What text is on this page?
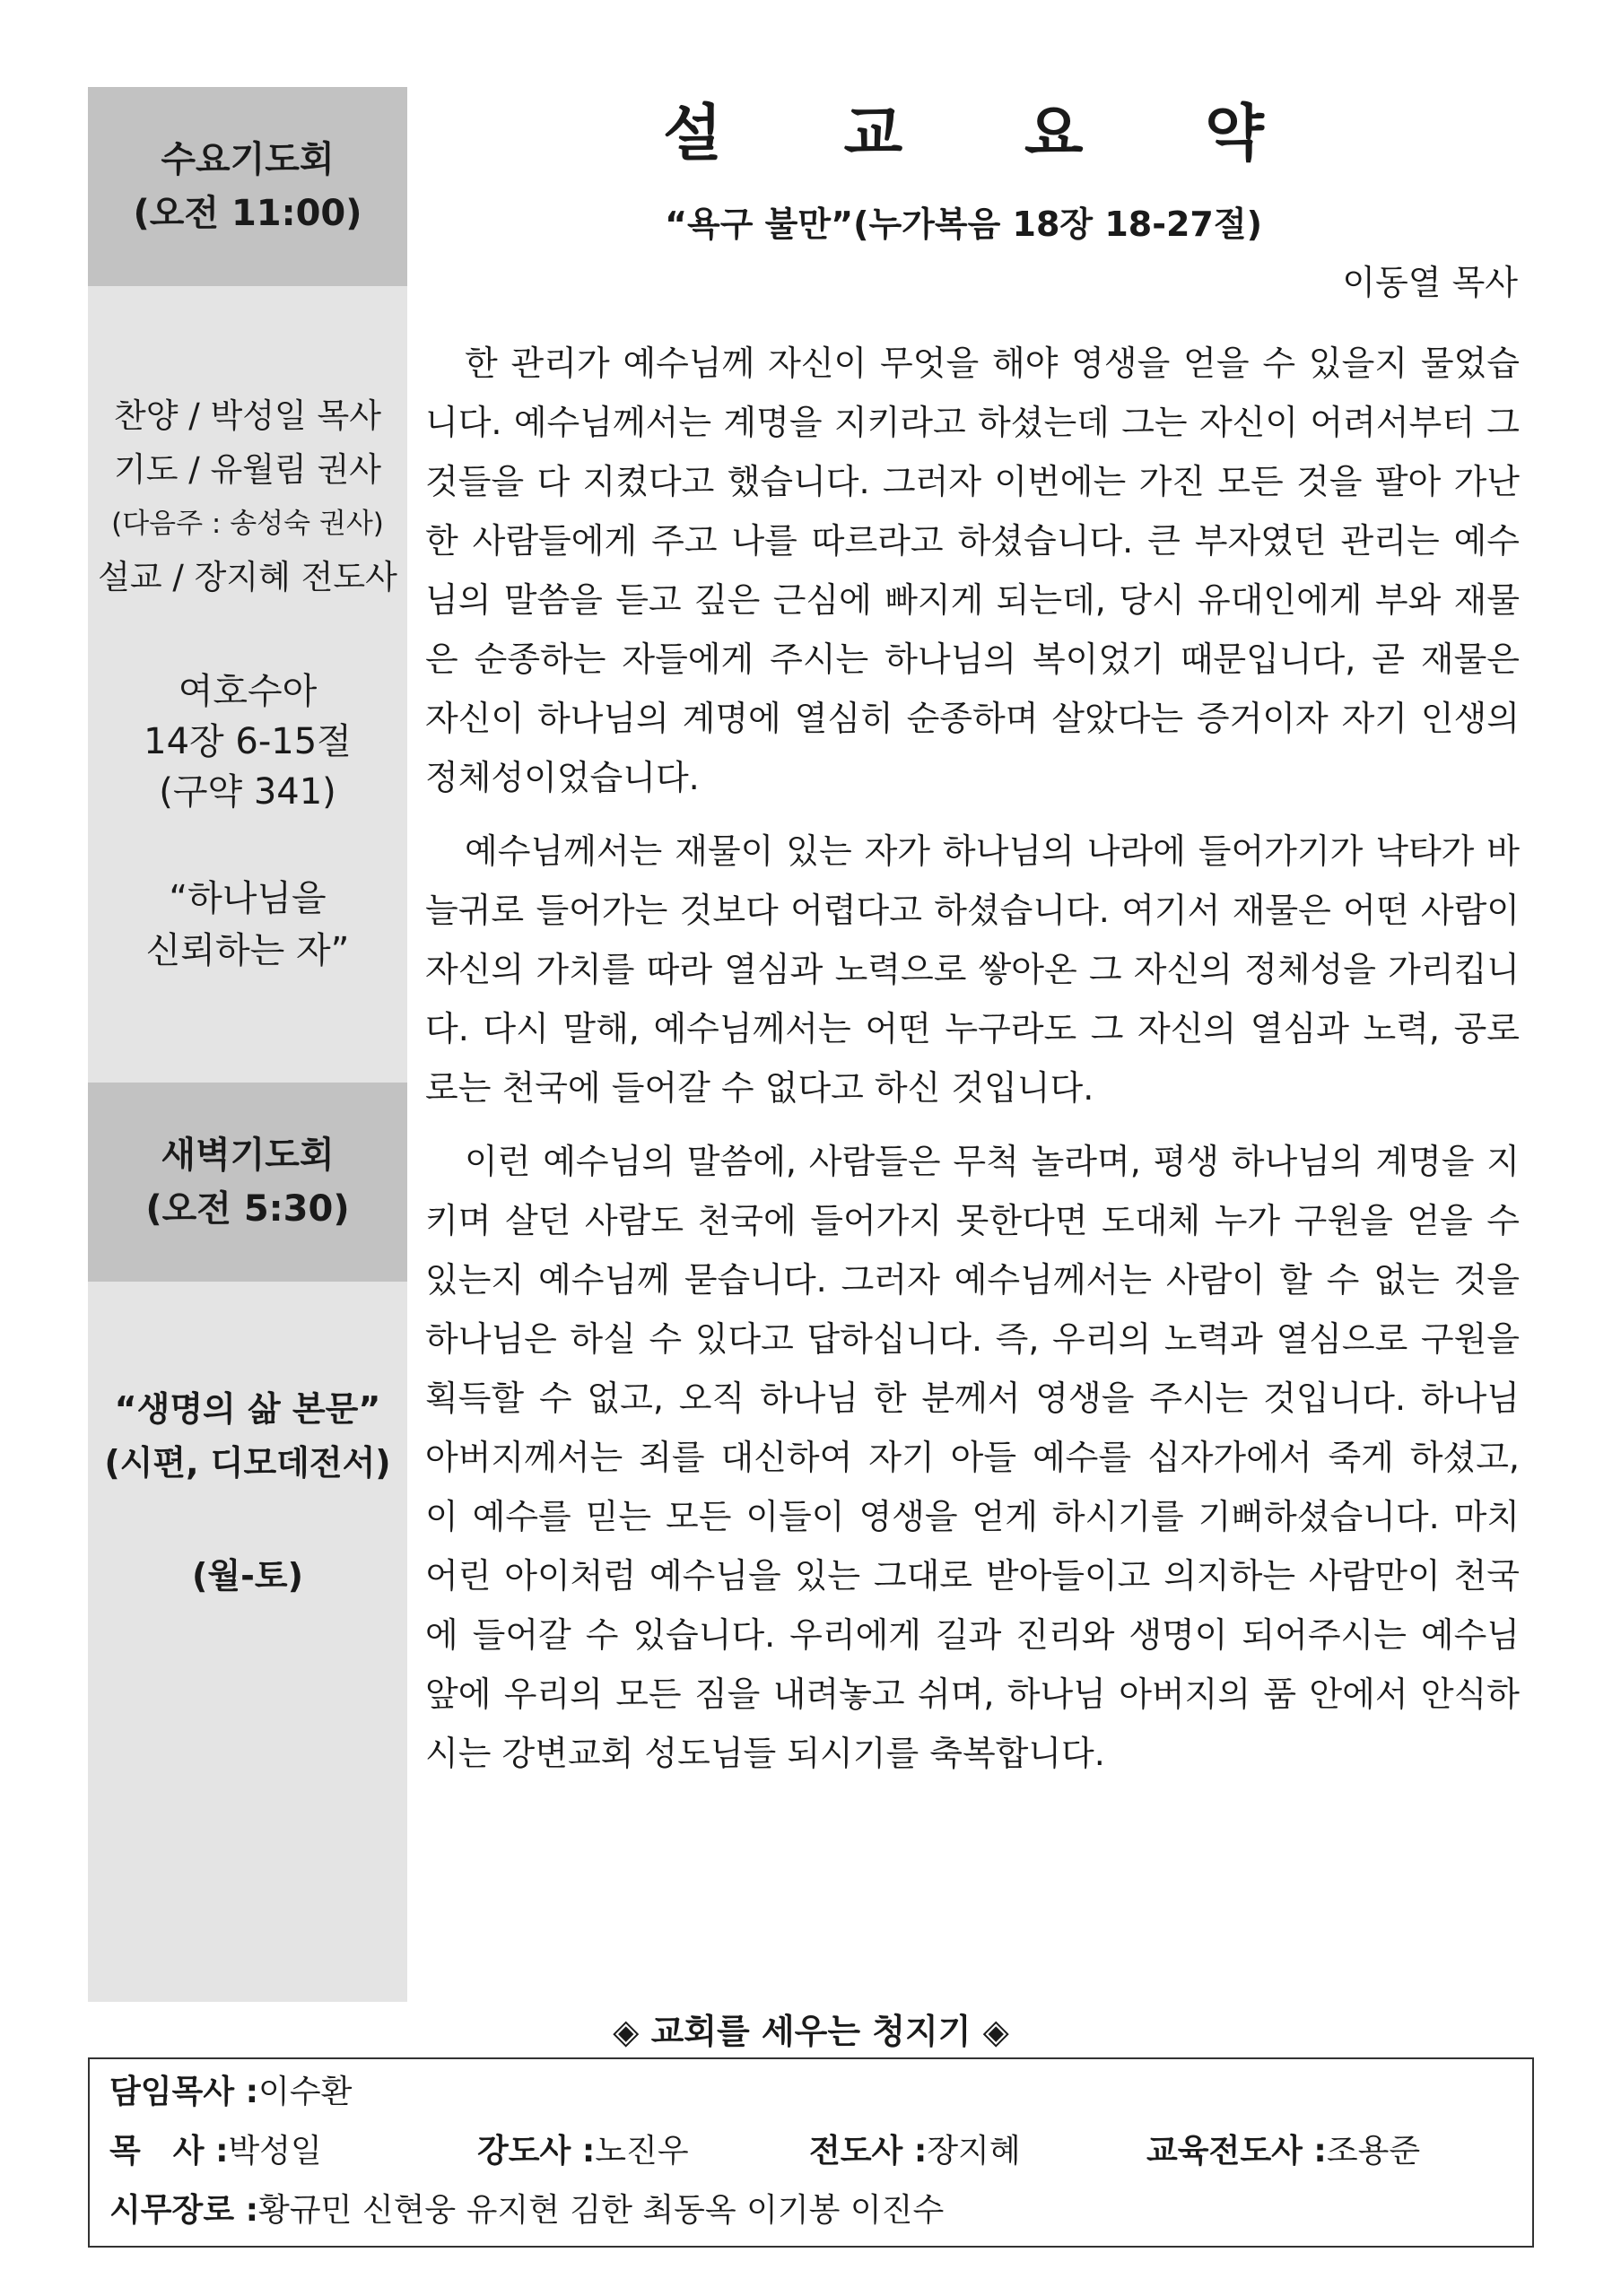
수요기도회
(오전 11:00)
찬양 / 박성일 목사
기도 / 유월림 권사
(다음주 : 송성숙 권사)
설교 / 장지혜 전도사
여호수아
14장 6-15절
(구약 341)
“하나님을
신뢰하는 자”
새벽기도회
(오전 5:30)
“생명의 삶 본문”
(시편, 디모데전서)
(월-토)
설 교 요 약
“욕구 불만”(누가복음 18장 18-27절)
이동열 목사

한 관리가 예수님께 자신이 무엇을 해야 영생을 얻을 수 있을지 물었습니다. 예수님께서는 계명을 지키라고 하셨는데 그는 자신이 어려서부터 그것들을 다 지켰다고 했습니다. 그러자 이번에는 가진 모든 것을 팔아 가난한 사람들에게 주고 나를 따르라고 하셨습니다. 큰 부자였던 관리는 예수님의 말씀을 듣고 깊은 근심에 빠지게 되는데, 당시 유대인에게 부와 재물은 순종하는 자들에게 주시는 하나님의 복이었기 때문입니다, 곧 재물은 자신이 하나님의 계명에 열심히 순종하며 살았다는 증거이자 자기 인생의 정체성이었습니다.

예수님께서는 재물이 있는 자가 하나님의 나라에 들어가기가 낙타가 바늘귀로 들어가는 것보다 어렵다고 하셨습니다. 여기서 재물은 어떤 사람이 자신의 가치를 따라 열심과 노력으로 쌓아온 그 자신의 정체성을 가리킵니다. 다시 말해, 예수님께서는 어떤 누구라도 그 자신의 열심과 노력, 공로로는 천국에 들어갈 수 없다고 하신 것입니다.

이런 예수님의 말씀에, 사람들은 무척 놀라며, 평생 하나님의 계명을 지키며 살던 사람도 천국에 들어가지 못한다면 도대체 누가 구원을 얻을 수 있는지 예수님께 묻습니다. 그러자 예수님께서는 사람이 할 수 없는 것을 하나님은 하실 수 있다고 답하십니다. 즉, 우리의 노력과 열심으로 구원을 획득할 수 없고, 오직 하나님 한 분께서 영생을 주시는 것입니다. 하나님 아버지께서는 죄를 대신하여 자기 아들 예수를 십자가에서 죽게 하셨고, 이 예수를 믿는 모든 이들이 영생을 얻게 하시기를 기뻐하셨습니다. 마치 어린 아이처럼 예수님을 있는 그대로 받아들이고 의지하는 사람만이 천국에 들어갈 수 있습니다. 우리에게 길과 진리와 생명이 되어주시는 예수님 앞에 우리의 모든 짐을 내려놓고 쉬며, 하나님 아버지의 품 안에서 안식하시는 강변교회 성도님들 되시기를 축복합니다.

◈ 교회를 세우는 청지기 ◈
담임목사 :이수환
목　사 :박성일	강도사 :노진우	전도사 :장지혜	교육전도사 :조용준
시무장로 :황규민 신현웅 유지현 김한 최동옥 이기봉 이진수
